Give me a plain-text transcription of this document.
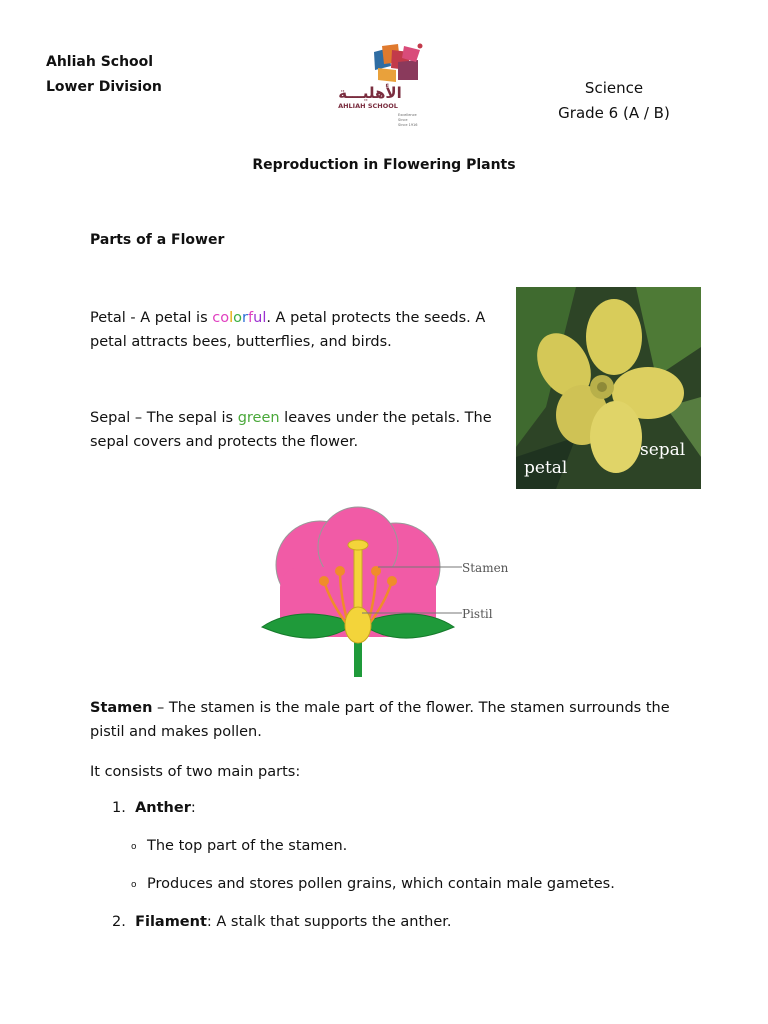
Ahliah School
Lower Division	الأهليـــة
AHLIAH SCHOOL
Excellence
Since
Since 1916
Science
Grade 6 (A / B)
Reproduction in Flowering Plants
Parts of a Flower
Petal - A petal is colorful. A petal protects the seeds. A
petal attracts bees, butterflies, and birds.
Sepal – The sepal is green leaves under the petals. The
sepal covers and protects the flower.
petal
sepal
Stamen
Pistil
Stamen – The stamen is the male part of the flower. The stamen surrounds the
pistil and makes pollen.
It consists of two main parts:
1. Anther:
o The top part of the stamen.
o Produces and stores pollen grains, which contain male gametes.
2. Filament: A stalk that supports the anther.
